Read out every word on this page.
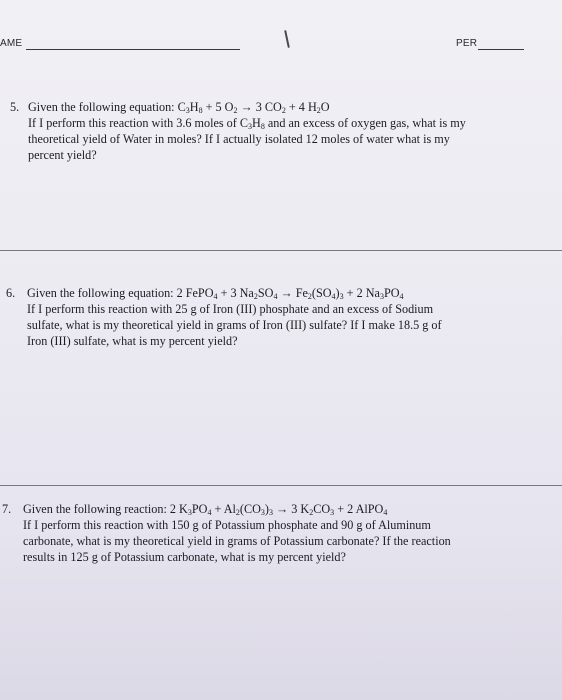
AME	PER
5. Given the following equation: $C_3H_8 + 5$ $O_2 \to 3$ $CO_2 + 4$ $H_2O$
If I perform this reaction with 3.6 moles of $C_3H_8$ and an excess of oxygen gas, what is my
theoretical yield of Water in moles? If I actually isolated 12 moles of water what is my
percent yield?
6. Given the following equation: 2 FePO$_4$ + 3 $Na_2SO_4 \to Fe_2(SO_4)_3 + 2$ $Na_3PO_4$
If I perform this reaction with 25 g of Iron (III) phosphate and an excess of Sodium
sulfate, what is my theoretical yield in grams of Iron (III) sulfate? If I make 18.5 g of
Iron (III) sulfate, what is my percent yield?
7. Given the following reaction: 2 $K_3PO_4 + Al_2(CO_3)_3 \to 3$ $K_2CO_3 + 2$ AlPO$_4$
If I perform this reaction with 150 g of Potassium phosphate and 90 g of Aluminum
carbonate, what is my theoretical yield in grams of Potassium carbonate? If the reaction
results in 125 g of Potassium carbonate, what is my percent yield?
